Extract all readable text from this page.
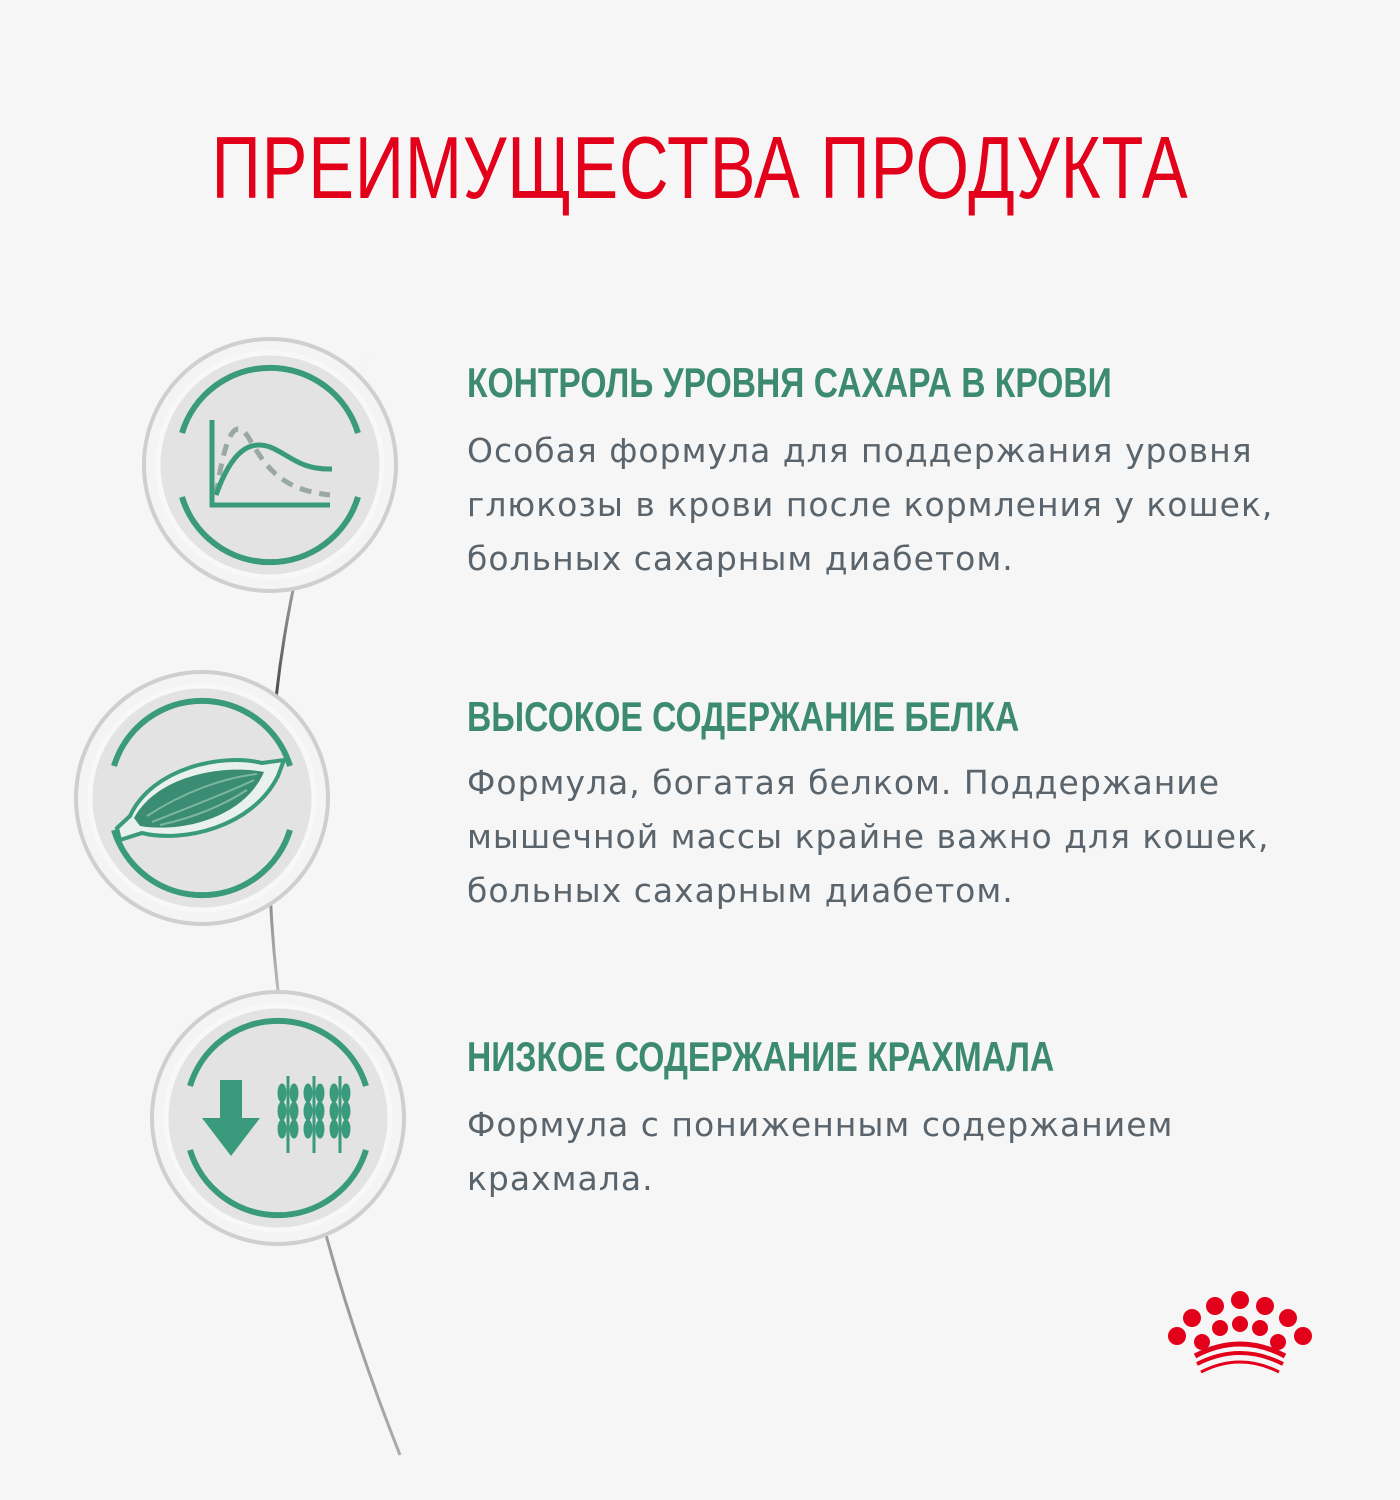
ПРЕИМУЩЕСТВА ПРОДУКТА
КОНТРОЛЬ УРОВНЯ САХАРА В КРОВИ
Особая формула для поддержания уровня глюкозы в крови после кормления у кошек, больных сахарным диабетом.
ВЫСОКОЕ СОДЕРЖАНИЕ БЕЛКА
Формула, богатая белком. Поддержание мышечной массы крайне важно для кошек, больных сахарным диабетом.
НИЗКОЕ СОДЕРЖАНИЕ КРАХМАЛА
Формула с пониженным содержанием крахмала.
